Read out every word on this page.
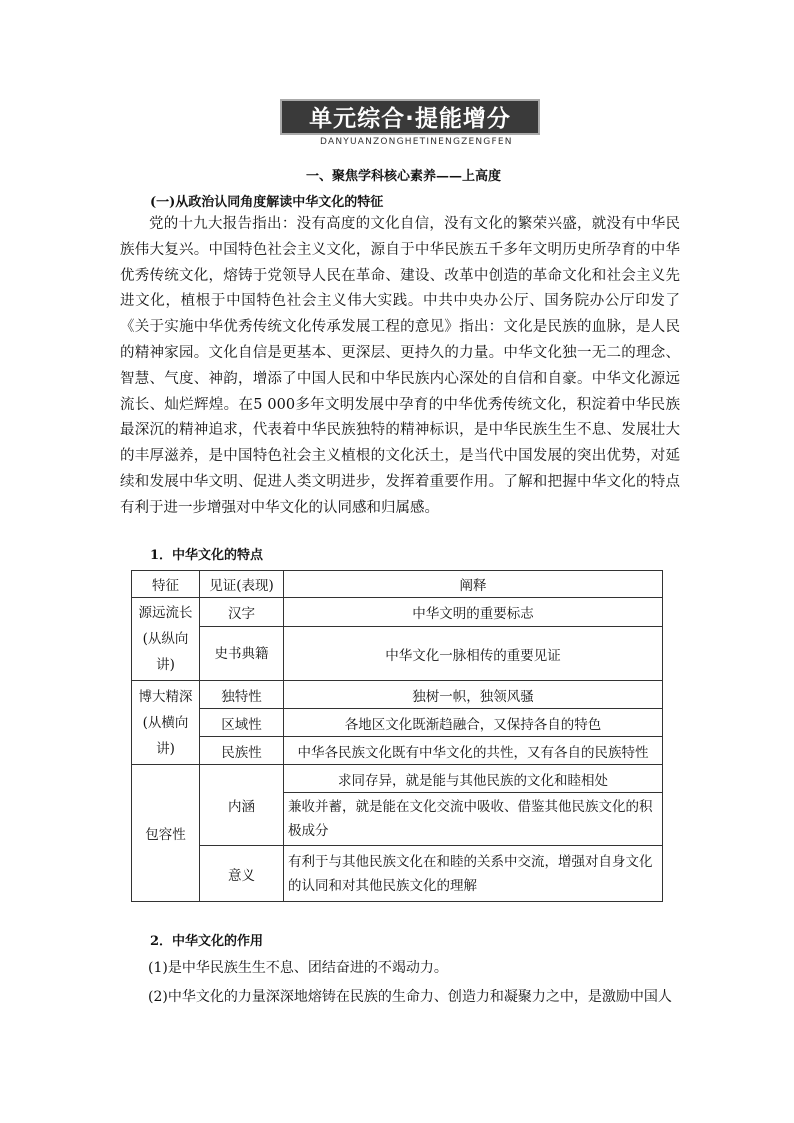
单元综合·提能增分
DANYUANZONGHETINENGZENGFEN
一、聚焦学科核心素养——上高度
(一)从政治认同角度解读中华文化的特征

党的十九大报告指出：没有高度的文化自信，没有文化的繁荣兴盛，就没有中华民族伟大复兴。中国特色社会主义文化，源自于中华民族五千多年文明历史所孕育的中华优秀传统文化，熔铸于党领导人民在革命、建设、改革中创造的革命文化和社会主义先进文化，植根于中国特色社会主义伟大实践。中共中央办公厅、国务院办公厅印发了《关于实施中华优秀传统文化传承发展工程的意见》指出：文化是民族的血脉，是人民的精神家园。文化自信是更基本、更深层、更持久的力量。中华文化独一无二的理念、智慧、气度、神韵，增添了中国人民和中华民族内心深处的自信和自豪。中华文化源远流长、灿烂辉煌。在5 000多年文明发展中孕育的中华优秀传统文化，积淀着中华民族最深沉的精神追求，代表着中华民族独特的精神标识，是中华民族生生不息、发展壮大的丰厚滋养，是中国特色社会主义植根的文化沃土，是当代中国发展的突出优势，对延续和发展中华文明、促进人类文明进步，发挥着重要作用。了解和把握中华文化的特点有利于进一步增强对中华文化的认同感和归属感。

1．中华文化的特点
特征	见证(表现)	阐释
源远流长(从纵向讲)	汉字	中华文明的重要标志
	史书典籍	中华文化一脉相传的重要见证
博大精深(从横向讲)	独特性	独树一帜，独领风骚
	区域性	各地区文化既渐趋融合，又保持各自的特色
	民族性	中华各民族文化既有中华文化的共性，又有各自的民族特性
包容性	内涵	求同存异，就是能与其他民族的文化和睦相处
		兼收并蓄，就是能在文化交流中吸收、借鉴其他民族文化的积极成分
	意义	有利于与其他民族文化在和睦的关系中交流，增强对自身文化的认同和对其他民族文化的理解
2．中华文化的作用
(1)是中华民族生生不息、团结奋进的不竭动力。
(2)中华文化的力量深深地熔铸在民族的生命力、创造力和凝聚力之中，是激励中国人
